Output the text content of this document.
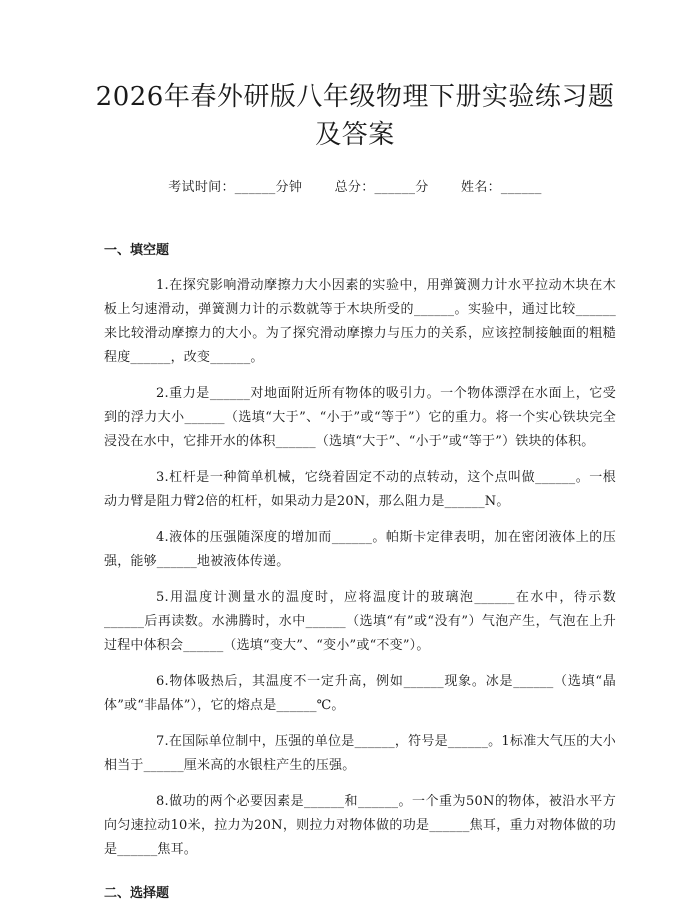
2026年春外研版八年级物理下册实验练习题及答案
考试时间：______分钟 总分：______分 姓名：______
一、填空题

1.在探究影响滑动摩擦力大小因素的实验中，用弹簧测力计水平拉动木块在木板上匀速滑动，弹簧测力计的示数就等于木块所受的______。实验中，通过比较______来比较滑动摩擦力的大小。为了探究滑动摩擦力与压力的关系，应该控制接触面的粗糙程度______，改变______。

2.重力是______对地面附近所有物体的吸引力。一个物体漂浮在水面上，它受到的浮力大小______（选填“大于”、“小于”或“等于”）它的重力。将一个实心铁块完全浸没在水中，它排开水的体积______（选填“大于”、“小于”或“等于”）铁块的体积。

3.杠杆是一种简单机械，它绕着固定不动的点转动，这个点叫做______。一根动力臂是阻力臂2倍的杠杆，如果动力是20N，那么阻力是______N。

4.液体的压强随深度的增加而______。帕斯卡定律表明，加在密闭液体上的压强，能够______地被液体传递。

5.用温度计测量水的温度时，应将温度计的玻璃泡______在水中，待示数______后再读数。水沸腾时，水中______（选填“有”或“没有”）气泡产生，气泡在上升过程中体积会______（选填“变大”、“变小”或“不变”）。

6.物体吸热后，其温度不一定升高，例如______现象。冰是______（选填“晶体”或“非晶体”），它的熔点是______℃。

7.在国际单位制中，压强的单位是______，符号是______。1标准大气压的大小相当于______厘米高的水银柱产生的压强。

8.做功的两个必要因素是______和______。一个重为50N的物体，被沿水平方向匀速拉动10米，拉力为20N，则拉力对物体做的功是______焦耳，重力对物体做的功是______焦耳。

二、选择题
